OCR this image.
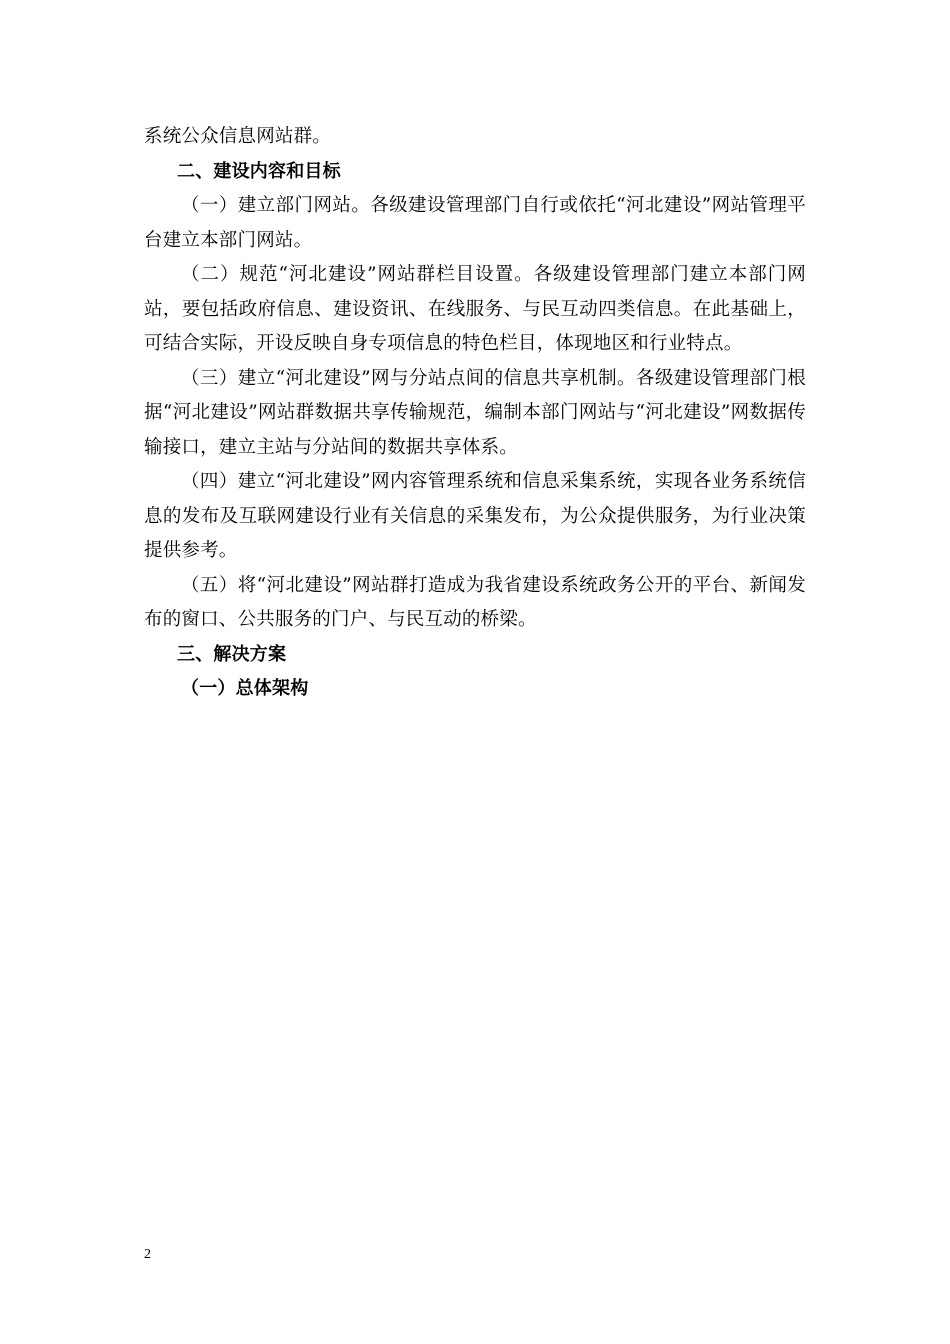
系统公众信息网站群。

二、建设内容和目标

（一）建立部门网站。各级建设管理部门自行或依托“河北建设”网站管理平台建立本部门网站。

（二）规范“河北建设”网站群栏目设置。各级建设管理部门建立本部门网站，要包括政府信息、建设资讯、在线服务、与民互动四类信息。在此基础上，可结合实际，开设反映自身专项信息的特色栏目，体现地区和行业特点。

（三）建立“河北建设”网与分站点间的信息共享机制。各级建设管理部门根据“河北建设”网站群数据共享传输规范，编制本部门网站与“河北建设”网数据传输接口，建立主站与分站间的数据共享体系。

（四）建立“河北建设”网内容管理系统和信息采集系统，实现各业务系统信息的发布及互联网建设行业有关信息的采集发布，为公众提供服务，为行业决策提供参考。

（五）将“河北建设”网站群打造成为我省建设系统政务公开的平台、新闻发布的窗口、公共服务的门户、与民互动的桥梁。

三、解决方案

（一）总体架构

2
